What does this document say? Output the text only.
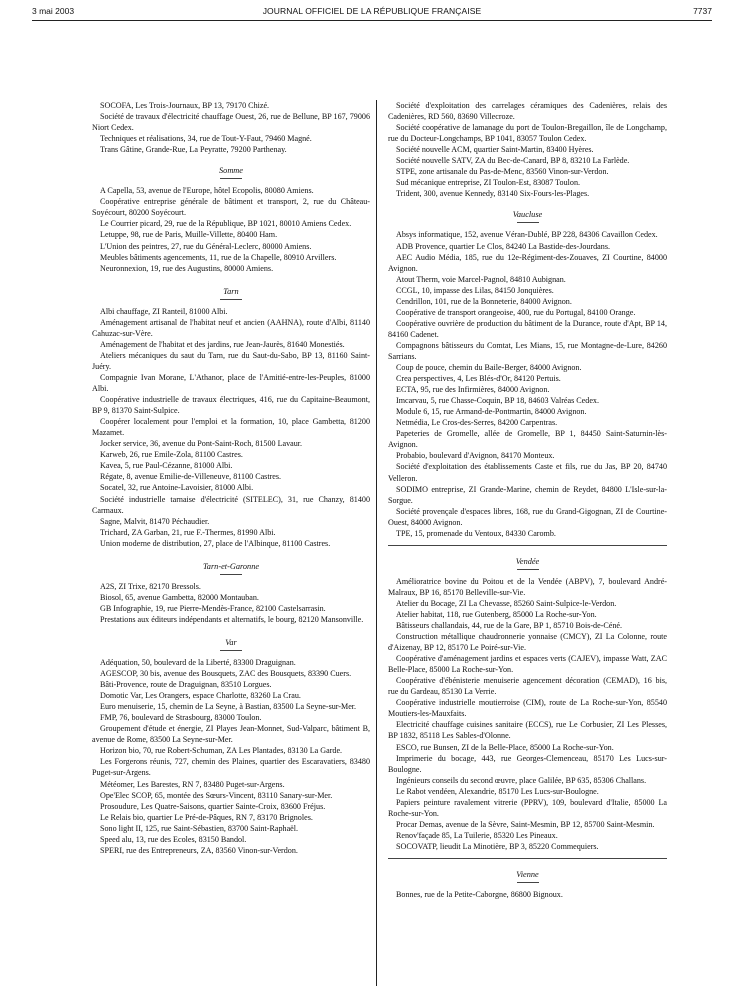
3 mai 2003	JOURNAL OFFICIEL DE LA RÉPUBLIQUE FRANÇAISE	7737

SOCOFA, Les Trois-Journaux, BP 13, 79170 Chizé.

Société de travaux d'électricité chauffage Ouest, 26, rue de Bellune, BP 167, 79006 Niort Cedex.

Techniques et réalisations, 34, rue de Tout-Y-Faut, 79460 Magné.

Trans Gâtine, Grande-Rue, La Peyratte, 79200 Parthenay.

Somme

A Capella, 53, avenue de l'Europe, hôtel Ecopolis, 80080 Amiens.

Coopérative entreprise générale de bâtiment et transport, 2, rue du Château-Soyécourt, 80200 Soyécourt.

Le Courrier picard, 29, rue de la République, BP 1021, 80010 Amiens Cedex.

Letuppe, 98, rue de Paris, Muille-Villette, 80400 Ham.

L'Union des peintres, 27, rue du Général-Leclerc, 80000 Amiens.

Meubles bâtiments agencements, 11, rue de la Chapelle, 80910 Arvillers.

Neuronnexion, 19, rue des Augustins, 80000 Amiens.

Tarn

Albi chauffage, ZI Ranteil, 81000 Albi.

Aménagement artisanal de l'habitat neuf et ancien (AAHNA), route d'Albi, 81140 Cahuzac-sur-Vère.

Aménagement de l'habitat et des jardins, rue Jean-Jaurès, 81640 Monestiés.

Ateliers mécaniques du saut du Tarn, rue du Saut-du-Sabo, BP 13, 81160 Saint-Juéry.

Compagnie Ivan Morane, L'Athanor, place de l'Amitié-entre-les-Peuples, 81000 Albi.

Coopérative industrielle de travaux électriques, 416, rue du Capitaine-Beaumont, BP 9, 81370 Saint-Sulpice.

Coopérer localement pour l'emploi et la formation, 10, place Gambetta, 81200 Mazamet.

Jocker service, 36, avenue du Pont-Saint-Roch, 81500 Lavaur.

Karweb, 26, rue Emile-Zola, 81100 Castres.

Kavea, 5, rue Paul-Cézanne, 81000 Albi.

Régate, 8, avenue Emilie-de-Villeneuve, 81100 Castres.

Socatel, 32, rue Antoine-Lavoisier, 81000 Albi.

Société industrielle tarnaise d'électricité (SITELEC), 31, rue Chanzy, 81400 Carmaux.

Sagne, Malvit, 81470 Péchaudier.

Trichard, ZA Garban, 21, rue F.-Thermes, 81990 Albi.

Union moderne de distribution, 27, place de l'Albinque, 81100 Castres.

Tarn-et-Garonne

A2S, ZI Trixe, 82170 Bressols.

Biosol, 65, avenue Gambetta, 82000 Montauban.

GB Infographie, 19, rue Pierre-Mendès-France, 82100 Castelsarrasin.

Prestations aux éditeurs indépendants et alternatifs, le bourg, 82120 Mansonville.

Var

Adéquation, 50, boulevard de la Liberté, 83300 Draguignan.

AGESCOP, 30 bis, avenue des Bousquets, ZAC des Bousquets, 83390 Cuers.

Bâti-Provence, route de Draguignan, 83510 Lorgues.

Domotic Var, Les Orangers, espace Charlotte, 83260 La Crau.

Euro menuiserie, 15, chemin de La Seyne, à Bastian, 83500 La Seyne-sur-Mer.

FMP, 76, boulevard de Strasbourg, 83000 Toulon.

Groupement d'étude et énergie, ZI Playes Jean-Monnet, Sud-Valparc, bâtiment B, avenue de Rome, 83500 La Seyne-sur-Mer.

Horizon bio, 70, rue Robert-Schuman, ZA Les Plantades, 83130 La Garde.

Les Forgerons réunis, 727, chemin des Plaines, quartier des Escaravatiers, 83480 Puget-sur-Argens.

Météomer, Les Barestes, RN 7, 83480 Puget-sur-Argens.

Ope'Elec SCOP, 65, montée des Sœurs-Vincent, 83110 Sanary-sur-Mer.

Prosoudure, Les Quatre-Saisons, quartier Sainte-Croix, 83600 Fréjus.

Le Relais bio, quartier Le Pré-de-Pâques, RN 7, 83170 Brignoles.

Sono light II, 125, rue Saint-Sébastien, 83700 Saint-Raphaël.

Speed alu, 13, rue des Ecoles, 83150 Bandol.

SPERI, rue des Entrepreneurs, ZA, 83560 Vinon-sur-Verdon.

Société d'exploitation des carrelages céramiques des Cadenières, relais des Cadenières, RD 560, 83690 Villecroze.

Société coopérative de lamanage du port de Toulon-Bregaillon, île de Longchamp, rue du Docteur-Longchamps, BP 1041, 83057 Toulon Cedex.

Société nouvelle ACM, quartier Saint-Martin, 83400 Hyères.

Société nouvelle SATV, ZA du Bec-de-Canard, BP 8, 83210 La Farlède.

STPE, zone artisanale du Pas-de-Menc, 83560 Vinon-sur-Verdon.

Sud mécanique entreprise, ZI Toulon-Est, 83087 Toulon.

Trident, 300, avenue Kennedy, 83140 Six-Fours-les-Plages.

Vaucluse

Absys informatique, 152, avenue Véran-Dublé, BP 228, 84306 Cavaillon Cedex.

ADB Provence, quartier Le Clos, 84240 La Bastide-des-Jourdans.

AEC Audio Média, 185, rue du 12e-Régiment-des-Zouaves, ZI Courtine, 84000 Avignon.

Atout Therm, voie Marcel-Pagnol, 84810 Aubignan.

CCGL, 10, impasse des Lilas, 84150 Jonquières.

Cendrillon, 101, rue de la Bonneterie, 84000 Avignon.

Coopérative de transport orangeoise, 400, rue du Portugal, 84100 Orange.

Coopérative ouvrière de production du bâtiment de la Durance, route d'Apt, BP 14, 84160 Cadenet.

Compagnons bâtisseurs du Comtat, Les Mians, 15, rue Montagne-de-Lure, 84260 Sarrians.

Coup de pouce, chemin du Baile-Berger, 84000 Avignon.

Crea perspectives, 4, Les Blés-d'Or, 84120 Pertuis.

ECTA, 95, rue des Infirmières, 84000 Avignon.

Imcarvau, 5, rue Chasse-Coquin, BP 18, 84603 Valréas Cedex.

Module 6, 15, rue Armand-de-Pontmartin, 84000 Avignon.

Netmédia, Le Cros-des-Serres, 84200 Carpentras.

Papeteries de Gromelle, allée de Gromelle, BP 1, 84450 Saint-Saturnin-lès-Avignon.

Probabio, boulevard d'Avignon, 84170 Monteux.

Société d'exploitation des établissements Caste et fils, rue du Jas, BP 20, 84740 Velleron.

SODIMO entreprise, ZI Grande-Marine, chemin de Reydet, 84800 L'Isle-sur-la-Sorgue.

Société provençale d'espaces libres, 168, rue du Grand-Gigognan, ZI de Courtine-Ouest, 84000 Avignon.

TPE, 15, promenade du Ventoux, 84330 Caromb.

Vendée

Amélioratrice bovine du Poitou et de la Vendée (ABPV), 7, boulevard André-Malraux, BP 16, 85170 Belleville-sur-Vie.

Atelier du Bocage, ZI La Chevasse, 85260 Saint-Sulpice-le-Verdon.

Atelier habitat, 118, rue Gutenberg, 85000 La Roche-sur-Yon.

Bâtisseurs challandais, 44, rue de la Gare, BP 1, 85710 Bois-de-Céné.

Construction métallique chaudronnerie yonnaise (CMCY), ZI La Colonne, route d'Aizenay, BP 12, 85170 Le Poiré-sur-Vie.

Coopérative d'aménagement jardins et espaces verts (CAJEV), impasse Watt, ZAC Belle-Place, 85000 La Roche-sur-Yon.

Coopérative d'ébénisterie menuiserie agencement décoration (CEMAD), 16 bis, rue du Gardeau, 85130 La Verrie.

Coopérative industrielle moutierroise (CIM), route de La Roche-sur-Yon, 85540 Moutiers-les-Mauxfaits.

Electricité chauffage cuisines sanitaire (ECCS), rue Le Corbusier, ZI Les Plesses, BP 1832, 85118 Les Sables-d'Olonne.

ESCO, rue Bunsen, ZI de la Belle-Place, 85000 La Roche-sur-Yon.

Imprimerie du bocage, 443, rue Georges-Clemenceau, 85170 Les Lucs-sur-Boulogne.

Ingénieurs conseils du second œuvre, place Galilée, BP 635, 85306 Challans.

Le Rabot vendéen, Alexandrie, 85170 Les Lucs-sur-Boulogne.

Papiers peinture ravalement vitrerie (PPRV), 109, boulevard d'Italie, 85000 La Roche-sur-Yon.

Procar Demas, avenue de la Sèvre, Saint-Mesmin, BP 12, 85700 Saint-Mesmin.

Renov'façade 85, La Tuilerie, 85320 Les Pineaux.

SOCOVATP, lieudit La Minotière, BP 3, 85220 Commequiers.

Vienne

Bonnes, rue de la Petite-Caborgne, 86800 Bignoux.
